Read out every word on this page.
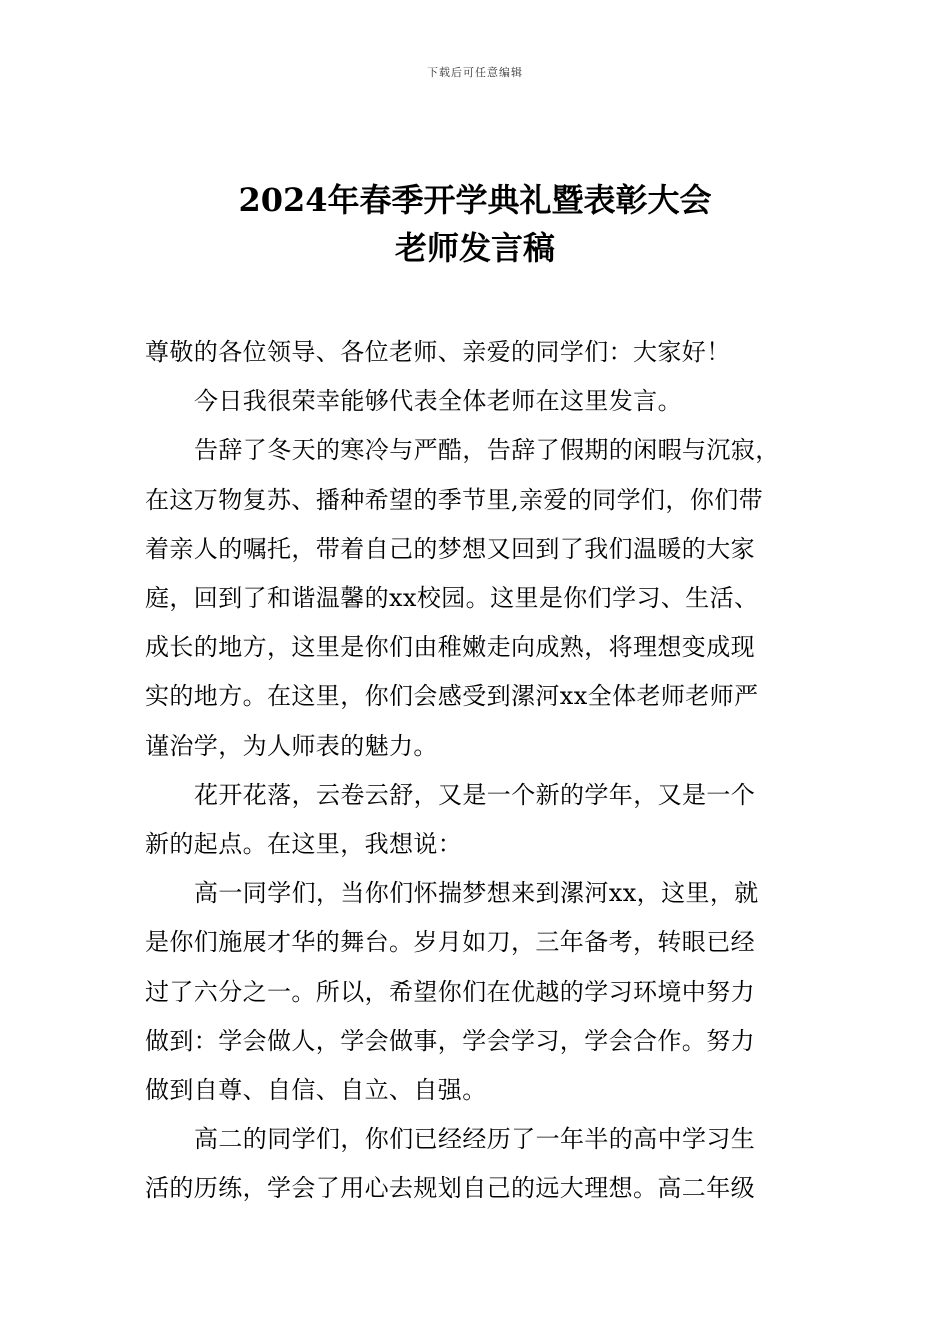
下载后可任意编辑
2024年春季开学典礼暨表彰大会
老师发言稿
尊敬的各位领导、各位老师、亲爱的同学们：大家好！
今日我很荣幸能够代表全体老师在这里发言。
告辞了冬天的寒冷与严酷，告辞了假期的闲暇与沉寂，
在这万物复苏、播种希望的季节里,亲爱的同学们，你们带
着亲人的嘱托，带着自己的梦想又回到了我们温暖的大家
庭，回到了和谐温馨的xx校园。这里是你们学习、生活、
成长的地方，这里是你们由稚嫩走向成熟，将理想变成现
实的地方。在这里，你们会感受到漯河xx全体老师老师严
谨治学，为人师表的魅力。
花开花落，云卷云舒，又是一个新的学年，又是一个
新的起点。在这里，我想说：
高一同学们，当你们怀揣梦想来到漯河xx，这里，就
是你们施展才华的舞台。岁月如刀，三年备考，转眼已经
过了六分之一。所以，希望你们在优越的学习环境中努力
做到：学会做人，学会做事，学会学习，学会合作。努力
做到自尊、自信、自立、自强。
高二的同学们，你们已经经历了一年半的高中学习生
活的历练，学会了用心去规划自己的远大理想。高二年级
